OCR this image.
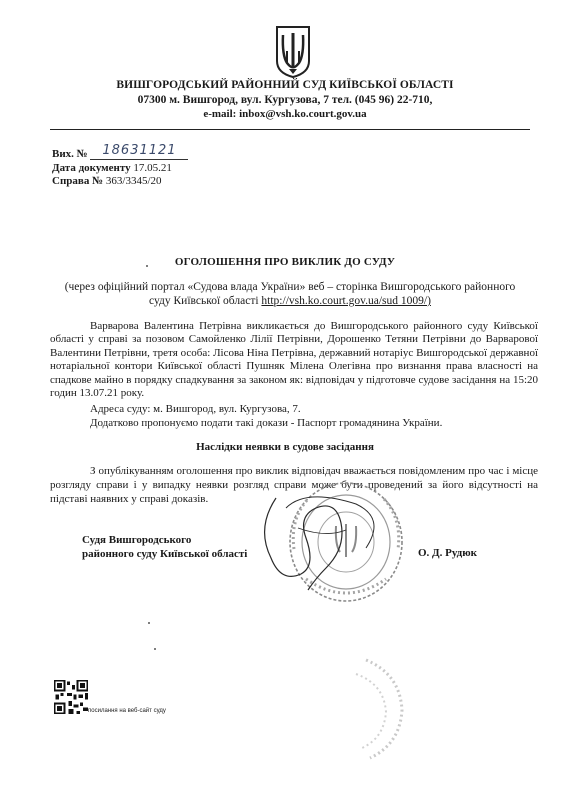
ВИШГОРОДСЬКИЙ РАЙОННИЙ СУД КИЇВСЬКОЇ ОБЛАСТІ
07300 м. Вишгород, вул. Кургузова, 7 тел. (045 96) 22-710,
e-mail: inbox@vsh.ko.court.gov.ua
Вих. № 18631121
Дата документу 17.05.21
Справа № 363/3345/20
ОГОЛОШЕННЯ ПРО ВИКЛИК ДО СУДУ
(через офіційний портал «Судова влада України» веб – сторінка Вишгородського районного суду Київської області http://vsh.ko.court.gov.ua/sud 1009/)

Варварова Валентина Петрівна викликається до Вишгородського районного суду Київської області у справі за позовом Самойленко Лілії Петрівни, Дорошенко Тетяни Петрівни до Варварової Валентини Петрівни, третя особа: Лісова Ніна Петрівна, державний нотаріус Вишгородської державної нотаріальної контори Київської області Пушняк Мілена Олегівна про визнання права власності на спадкове майно в порядку спадкування за законом як: відповідач у підготовче судове засідання на 15:20 годин 13.07.21 року.

Адреса суду: м. Вишгород, вул. Кургузова, 7.
Додатково пропонуємо подати такі докази - Паспорт громадянина України.
Наслідки неявки в судове засідання

З опублікуванням оголошення про виклик відповідач вважається повідомленим про час і місце розгляду справи і у випадку неявки розгляд справи може бути проведений за його відсутності на підставі наявних у справі доказів.

Судя Вишгородського
районного суду Київської області	О. Д. Рудюк
посилання на веб-сайт суду
